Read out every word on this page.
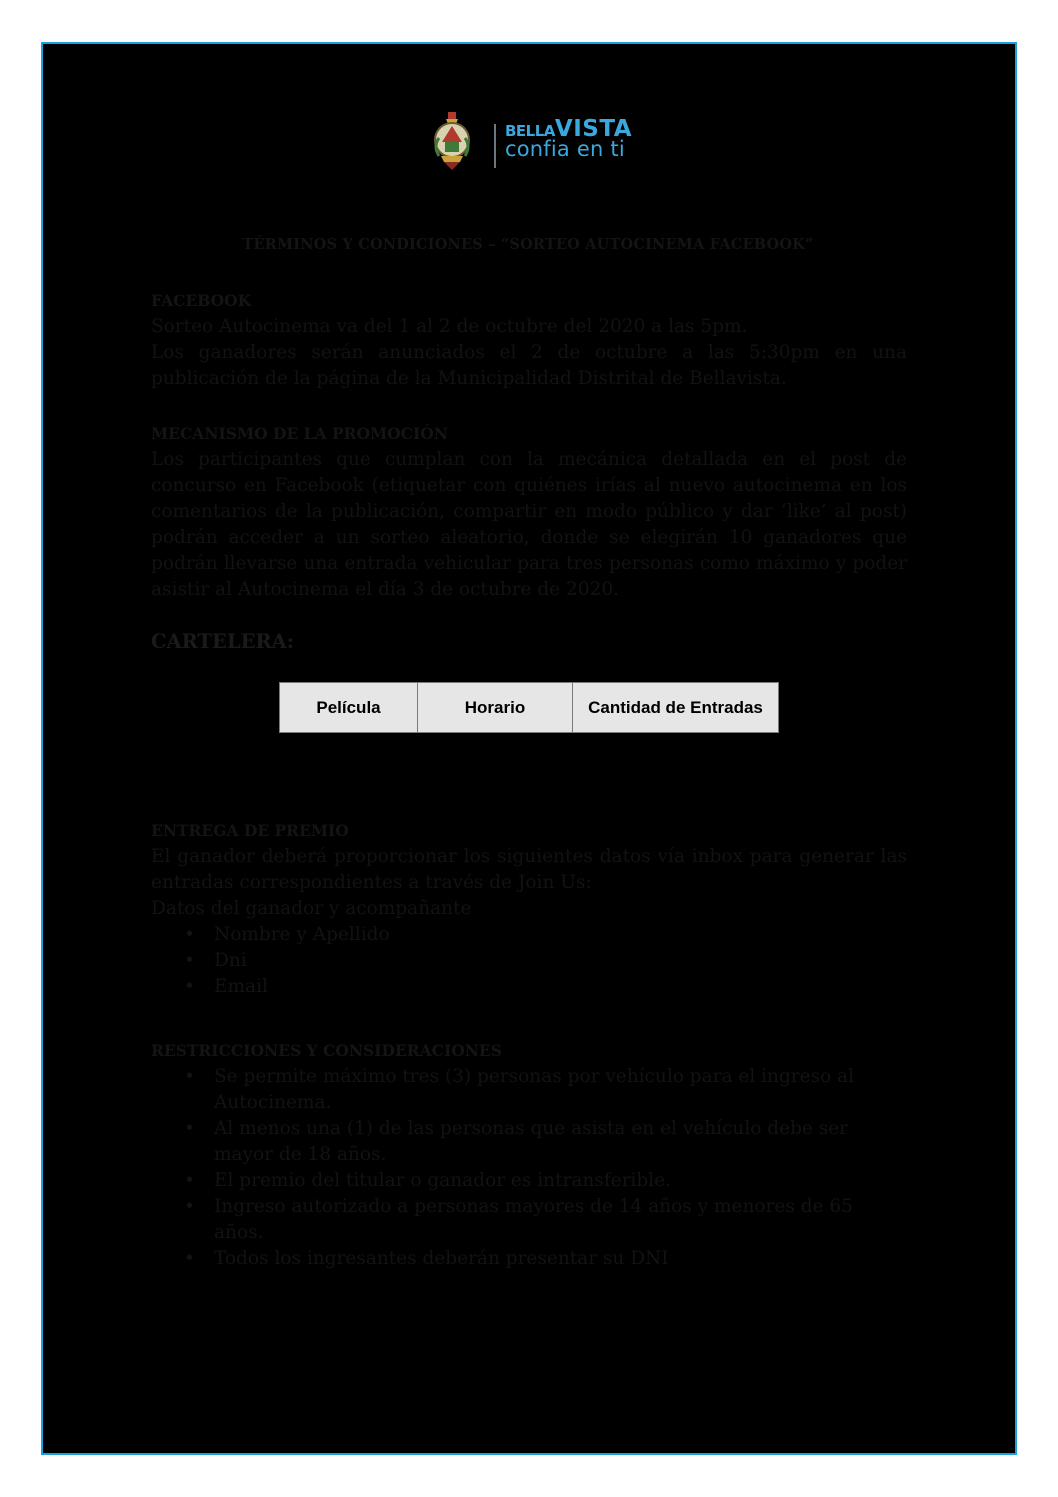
BELLAVISTA
confia en ti
TÉRMINOS Y CONDICIONES – “SORTEO AUTOCINEMA FACEBOOK”
FACEBOOK

Sorteo Autocinema va del 1 al 2 de octubre del 2020 a las 5pm.

Los ganadores serán anunciados el 2 de octubre a las 5:30pm en una publicación de la página de la Municipalidad Distrital de Bellavista.

MECANISMO DE LA PROMOCIÓN

Los participantes que cumplan con la mecánica detallada en el post de concurso en Facebook (etiquetar con quiénes irías al nuevo autocinema en los comentarios de la publicación, compartir en modo público y dar ‘like’ al post) podrán acceder a un sorteo aleatorio, donde se elegirán 10 ganadores que podrán llevarse una entrada vehicular para tres personas como máximo y poder asistir al Autocinema el día 3 de octubre de 2020.

CARTELERA:
Película	Horario	Cantidad de Entradas
ENTREGA DE PREMIO

El ganador deberá proporcionar los siguientes datos vía inbox para generar las entradas correspondientes a través de Join Us:

Datos del ganador y acompañante
• Nombre y Apellido
• Dni
• Email
RESTRICCIONES Y CONSIDERACIONES
• Se permite máximo tres (3) personas por vehículo para el ingreso al Autocinema.
• Al menos una (1) de las personas que asista en el vehículo debe ser mayor de 18 años.
• El premio del titular o ganador es intransferible.
• Ingreso autorizado a personas mayores de 14 años y menores de 65 años.
• Todos los ingresantes deberán presentar su DNI
